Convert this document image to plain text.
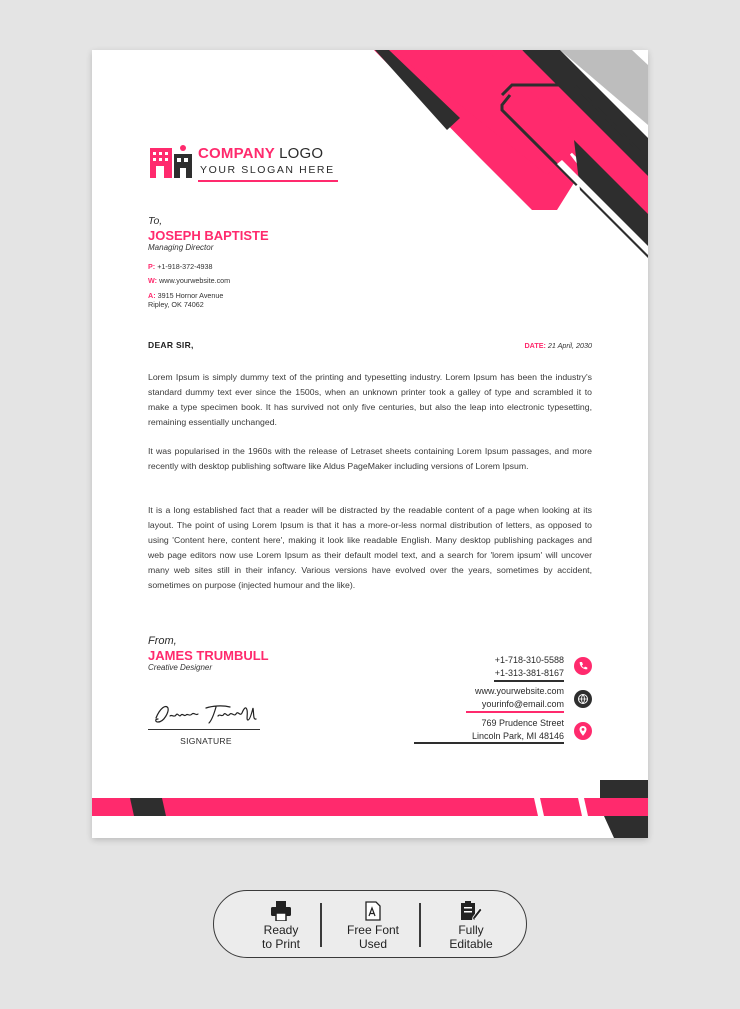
COMPANY LOGO
YOUR SLOGAN HERE
To,
JOSEPH BAPTISTE
Managing Director
P: +1-918-372-4938
W: www.yourwebsite.com
A: 3915 Hornor Avenue
Ripley, OK 74062
DEAR SIR,	DATE: 21 April, 2030
Lorem Ipsum is simply dummy text of the printing and typesetting industry. Lorem Ipsum has been the industry's standard dummy text ever since the 1500s, when an unknown printer took a galley of type and scrambled it to make a type specimen book. It has survived not only five centuries, but also the leap into electronic typesetting, remaining essentially unchanged.
It was popularised in the 1960s with the release of Letraset sheets containing Lorem Ipsum passages, and more recently with desktop publishing software like Aldus PageMaker including versions of Lorem Ipsum.
It is a long established fact that a reader will be distracted by the readable content of a page when looking at its layout. The point of using Lorem Ipsum is that it has a more-or-less normal distribution of letters, as opposed to using 'Content here, content here', making it look like readable English. Many desktop publishing packages and web page editors now use Lorem Ipsum as their default model text, and a search for 'lorem ipsum' will uncover many web sites still in their infancy. Various versions have evolved over the years, sometimes by accident, sometimes on purpose (injected humour and the like).
From,
JAMES TRUMBULL
Creative Designer
SIGNATURE
+1-718-310-5588
+1-313-381-8167
www.yourwebsite.com
yourinfo@email.com
769 Prudence Street
Lincoln Park, MI 48146
Ready
to Print
Free Font
Used
Fully
Editable
